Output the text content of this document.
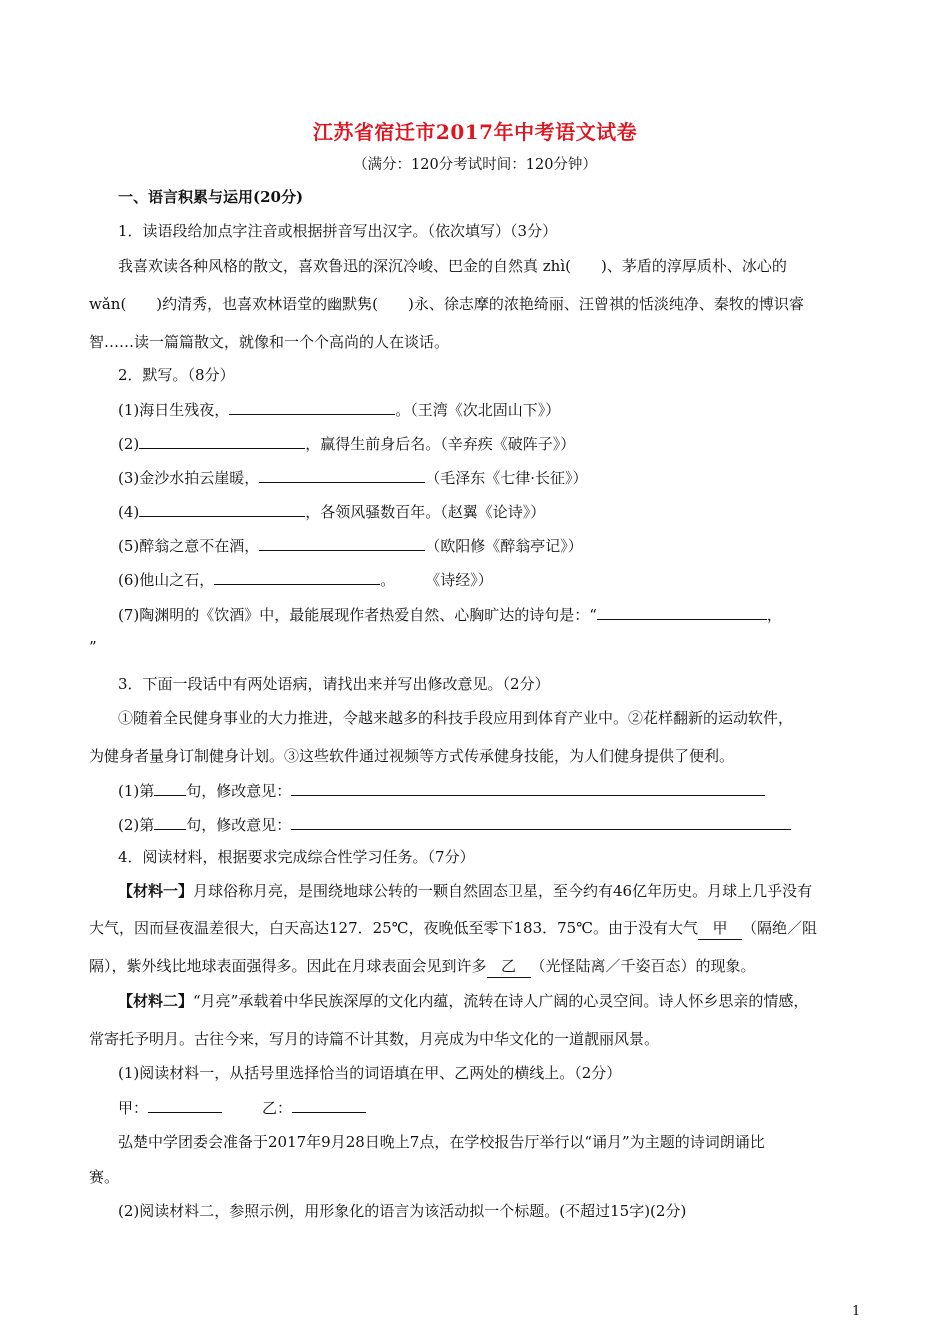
江苏省宿迁市2017年中考语文试卷
（满分：120分考试时间：120分钟）
一、语言积累与运用(20分)
1．读语段给加点字注音或根据拼音写出汉字。（依次填写）（3分）
我喜欢读各种风格的散文，喜欢鲁迅的深沉冷峻、巴金的自然真 zhì(　　)、茅盾的淳厚质朴、冰心的
wǎn(　　)约清秀，也喜欢林语堂的幽默隽(　　)永、徐志摩的浓艳绮丽、汪曾祺的恬淡纯净、秦牧的博识睿
智……读一篇篇散文，就像和一个个高尚的人在谈话。
2．默写。（8分）
(1)海日生残夜，	。（王湾《次北固山下》）
(2)	，赢得生前身后名。（辛弃疾《破阵子》）
(3)金沙水拍云崖暖，	（毛泽东《七律·长征》）
(4)	，各领风骚数百年。（赵翼《论诗》）
(5)醉翁之意不在酒，	（欧阳修《醉翁亭记》）
(6)他山之石，	。　　　《诗经》）
(7)陶渊明的《饮酒》中，最能展现作者热爱自然、心胸旷达的诗句是：“	，
”
3．下面一段话中有两处语病，请找出来并写出修改意见。（2分）
①随着全民健身事业的大力推进，令越来越多的科技手段应用到体育产业中。②花样翻新的运动软件，
为健身者量身订制健身计划。③这些软件通过视频等方式传承健身技能，为人们健身提供了便利。
(1)第 句，修改意见：
(2)第 句，修改意见：
4．阅读材料，根据要求完成综合性学习任务。（7分）
【材料一】月球俗称月亮，是围绕地球公转的一颗自然固态卫星，至今约有46亿年历史。月球上几乎没有
大气，因而昼夜温差很大，白天高达127．25℃，夜晚低至零下183．75℃。由于没有大气 甲 （隔绝／阻
隔），紫外线比地球表面强得多。因此在月球表面会见到许多 乙 （光怪陆离／千姿百态）的现象。
【材料二】“月亮”承载着中华民族深厚的文化内蕴，流转在诗人广阔的心灵空间。诗人怀乡思亲的情感，
常寄托予明月。古往今来，写月的诗篇不计其数，月亮成为中华文化的一道靓丽风景。
(1)阅读材料一，从括号里选择恰当的词语填在甲、乙两处的横线上。（2分）
甲：	乙：
弘楚中学团委会准备于2017年9月28日晚上7点，在学校报告厅举行以“诵月”为主题的诗词朗诵比
赛。
(2)阅读材料二，参照示例，用形象化的语言为该活动拟一个标题。(不超过15字)(2分)
1
